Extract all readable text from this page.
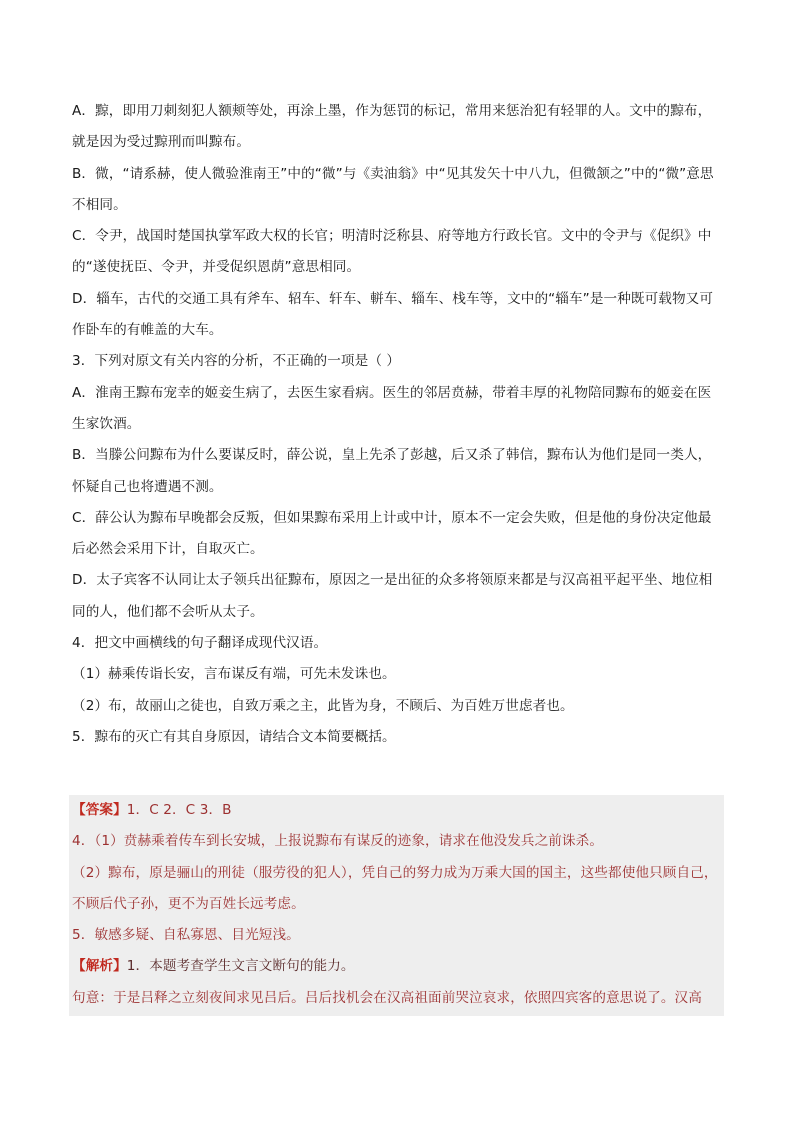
A．黥，即用刀刺刻犯人额颊等处，再涂上墨，作为惩罚的标记，常用来惩治犯有轻罪的人。文中的黥布，
就是因为受过黥刑而叫黥布。
B．微，“请系赫，使人微验淮南王”中的“微”与《卖油翁》中“见其发矢十中八九，但微颔之”中的“微”意思
不相同。
C．令尹，战国时楚国执掌军政大权的长官；明清时泛称县、府等地方行政长官。文中的令尹与《促织》中
的“遂使抚臣、令尹，并受促织恩荫”意思相同。
D．辎车，古代的交通工具有斧车、轺车、轩车、軿车、辎车、栈车等，文中的“辎车”是一种既可载物又可
作卧车的有帷盖的大车。
3．下列对原文有关内容的分析，不正确的一项是（ ）
A．淮南王黥布宠幸的姬妾生病了，去医生家看病。医生的邻居贲赫，带着丰厚的礼物陪同黥布的姬妾在医
生家饮酒。
B．当滕公问黥布为什么要谋反时，薛公说，皇上先杀了彭越，后又杀了韩信，黥布认为他们是同一类人，
怀疑自己也将遭遇不测。
C．薛公认为黥布早晚都会反叛，但如果黥布采用上计或中计，原本不一定会失败，但是他的身份决定他最
后必然会采用下计，自取灭亡。
D．太子宾客不认同让太子领兵出征黥布，原因之一是出征的众多将领原来都是与汉高祖平起平坐、地位相
同的人，他们都不会听从太子。
4．把文中画横线的句子翻译成现代汉语。
（1）赫乘传诣长安，言布谋反有端，可先未发诛也。
（2）布，故丽山之徒也，自致万乘之主，此皆为身，不顾后、为百姓万世虑者也。
5．黥布的灭亡有其自身原因，请结合文本简要概括。
【答案】1．C 2．C 3．B
4．（1）贲赫乘着传车到长安城，上报说黥布有谋反的迹象，请求在他没发兵之前诛杀。
（2）黥布，原是骊山的刑徒（服劳役的犯人），凭自己的努力成为万乘大国的国主，这些都使他只顾自己，
不顾后代子孙，更不为百姓长远考虑。
5．敏感多疑、自私寡恩、目光短浅。
【解析】1．本题考查学生文言文断句的能力。
句意：于是吕释之立刻夜间求见吕后。吕后找机会在汉高祖面前哭泣哀求，依照四宾客的意思说了。汉高
